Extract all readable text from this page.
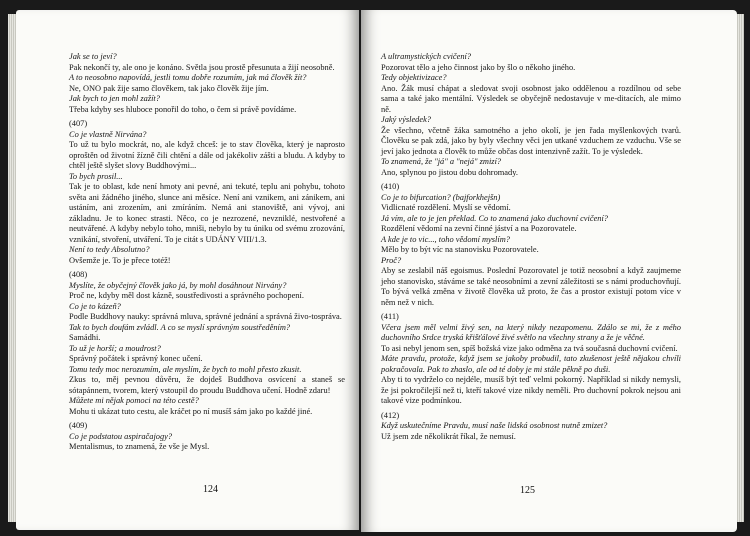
Jak se to jeví?

Pak nekončí ty, ale ono je konáno. Světla jsou prostě přesunuta a žijí neosobně.

A to neosobno napovídá, jestli tomu dobře rozumím, jak má člověk žít?

Ne, ONO pak žije samo člověkem, tak jako člověk žije jím.

Jak bych to jen mohl zažít?

Třeba kdyby ses hluboce ponořil do toho, o čem si právě povídáme.

(407)

Co je vlastně Nirvána?

To už tu bylo mockrát, no, ale když chceš: je to stav člověka, který je naprosto oproštěn od životní žízně čili chtění a dále od jakékoliv zášti a bludu. A kdyby to chtěl ještě slyšet slovy Buddhovými...

To bych prosil...

Tak je to oblast, kde není hmoty ani pevné, ani tekuté, teplu ani pohybu, tohoto světa ani žádného jiného, slunce ani měsíce. Není ani vznikem, ani zánikem, ani ustáním, ani zrozením, ani zmíráním. Nemá ani stanoviště, ani vývoj, ani základnu. Je to konec strasti. Něco, co je nezrozené, nevzniklé, nestvořené a neutvářené. A kdyby nebylo toho, mniši, nebylo by tu úniku od svému zrozování, vznikání, stvoření, utváření. To je citát s UDÁNY VIII/1.3.

Není to tedy Absolutno?

Ovšemže je. To je přece totéž!

(408)

Myslíte, že obyčejný člověk jako já, by mohl dosáhnout Nirvány?

Proč ne, kdyby měl dost kázně, soustředivosti a správného pochopení.

Co je to kázeň?

Podle Buddhovy nauky: správná mluva, správné jednání a správná živo-tospráva.

Tak to bych doufám zvládl. A co se myslí správným soustředěním?

Samádhi.

To už je horší; a moudrost?

Správný počátek i správný konec učení.

Tomu tedy moc nerozumím, ale myslím, že bych to mohl přesto zkusit.

Zkus to, měj pevnou důvěru, že dojdeš Buddhova osvícení a staneš se sótapánnem, tvorem, který vstoupil do proudu Buddhova učení. Hodně zdaru!

Můžete mi nějak pomoci na této cestě?

Mohu ti ukázat tuto cestu, ale kráčet po ní musíš sám jako po každé jiné.

(409)

Co je podstatou aspiračajogy?

Mentalismus, to znamená, že vše je Mysl.

124

A ultramystických cvičení?

Pozorovat tělo a jeho činnost jako by šlo o někoho jiného.

Tedy objektivizace?

Ano. Žák musí chápat a sledovat svoji osobnost jako oddělenou a rozdílnou od sebe sama a také jako mentální. Výsledek se obyčejně nedostavuje v me-ditacích, ale mimo ně.

Jaký výsledek?

Že všechno, včetně žáka samotného a jeho okolí, je jen řada myšlenkových tvarů. Člověku se pak zdá, jako by byly všechny věci jen utkané vzduchem ze vzduchu. Vše se jeví jako jednota a člověk to může občas dost intenzivně zažít. To je výsledek.

To znamená, že "já" a "nejá" zmizí?

Ano, splynou po jistou dobu dohromady.

(410)

Co je to bifurcation? (bajforkhejšn)

Vidlicnaté rozdělení. Myslí se vědomí.

Já vím, ale to je jen překlad. Co to znamená jako duchovní cvičení?

Rozdělení vědomí na zevní činné jáství a na Pozorovatele.

A kde je to vic..., toho vědomí myslím?

Mělo by to být víc na stanovisku Pozorovatele.

Proč?

Aby se zeslabil náš egoismus. Poslední Pozorovatel je totiž neosobní a když zaujmeme jeho stanovisko, stáváme se také neosobními a zevní záležitosti se s námi produchovňují. To bývá velká změna v životě člověka už proto, že čas a prostor existují potom více v něm než v nich.

(411)

Včera jsem měl velmi živý sen, na který nikdy nezapomenu. Zdálo se mi, že z mého duchovního Srdce tryská křišťálové živé světlo na všechny strany a že je věčné.

To asi nebyl jenom sen, spíš božská vize jako odměna za tvá současná duchovní cvičení.

Máte pravdu, protože, když jsem se jakoby probudil, tato zkušenost ještě nějakou chvíli pokračovala. Pak to zhaslo, ale od té doby je mi stále pěkně po duši.

Aby ti to vydrželo co nejdéle, musíš být teď velmi pokorný. Například si nikdy nemysli, že jsi pokročilejší než ti, kteří takové vize nikdy neměli. Pro duchovní pokrok nejsou ani takové vize podmínkou.

(412)

Když uskutečníme Pravdu, musí naše lidská osobnost nutně zmizet?

Už jsem zde několikrát říkal, že nemusí.

125
